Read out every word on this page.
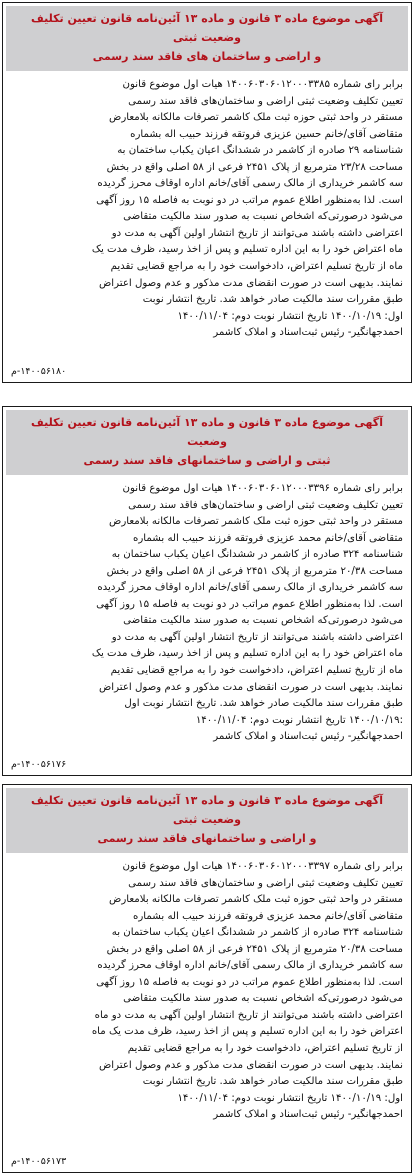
آگهی موضوع ماده ۳ قانون و ماده ۱۳ آئین‌نامه قانون تعیین تکلیف وضعیت ثبتی
و اراضی و ساختمان های فاقد سند رسمی
برابر رای شماره ۱۴۰۰۶۰۳۰۶۰۱۲۰۰۰۳۳۸۵ هیات اول موضوع قانون
تعیین تکلیف وضعیت ثبتی اراضی و ساختمان‌های فاقد سند رسمی
مستقر در واحد ثبتی حوزه ثبت ملک کاشمر تصرفات مالکانه بلامعارض
متقاضی آقای/خانم حسین عزیزی فروتقه فرزند حبیب اله بشماره
شناسنامه ۲۹ صادره از کاشمر در ششدانگ اعیان یکباب ساختمان به
مساحت ۲۳/۲۸ مترمربع از پلاک ۲۴۵۱ فرعی از ۵۸ اصلی واقع در بخش
سه کاشمر خریداری از مالک رسمی آقای/خانم اداره اوقاف محرز گردیده
است. لذا به‌منظور اطلاع عموم مراتب در دو نوبت به فاصله ۱۵ روز آگهی
می‌شود درصورتی‌که اشخاص نسبت به صدور سند مالکیت متقاضی
اعتراضی داشته باشند می‌توانند از تاریخ انتشار اولین آگهی به مدت دو
ماه اعتراض خود را به این اداره تسلیم و پس از اخذ رسید، ظرف مدت یک
ماه از تاریخ تسلیم اعتراض، دادخواست خود را به مراجع قضایی تقدیم
نمایند. بدیهی است در صورت انقضای مدت مذکور و عدم وصول اعتراض
طبق مقررات سند مالکیت صادر خواهد شد. تاریخ انتشار نوبت
اول: ۱۴۰۰/۱۰/۱۹ تاریخ انتشار نوبت دوم: ۱۴۰۰/۱۱/۰۴
احمدجهانگیر- رئیس ثبت‌اسناد و املاک کاشمر
۱۴۰۰۵۶۱۸۰-م
آگهی موضوع ماده ۳ قانون و ماده ۱۳ آئین‌نامه قانون تعیین تکلیف وضعیت
ثبتی و اراضی و ساختمانهای فاقد سند رسمی
برابر رای شماره ۱۴۰۰۶۰۳۰۶۰۱۲۰۰۰۳۳۹۶ هیات اول موضوع قانون
تعیین تکلیف وضعیت ثبتی اراضی و ساختمان‌های فاقد سند رسمی
مستقر در واحد ثبتی حوزه ثبت ملک کاشمر تصرفات مالکانه بلامعارض
متقاضی آقای/خانم محمد عزیزی فروتقه فرزند حبیب اله بشماره
شناسنامه ۳۲۴ صادره از کاشمر در ششدانگ اعیان یکباب ساختمان به
مساحت ۲۰/۳۸ مترمربع از پلاک ۲۴۵۱ فرعی از ۵۸ اصلی واقع در بخش
سه کاشمر خریداری از مالک رسمی آقای/خانم اداره اوقاف محرز گردیده
است. لذا به‌منظور اطلاع عموم مراتب در دو نوبت به فاصله ۱۵ روز آگهی
می‌شود درصورتی‌که اشخاص نسبت به صدور سند مالکیت متقاضی
اعتراضی داشته باشند می‌توانند از تاریخ انتشار اولین آگهی به مدت دو
ماه اعتراض خود را به این اداره تسلیم و پس از اخذ رسید، ظرف مدت یک
ماه از تاریخ تسلیم اعتراض، دادخواست خود را به مراجع قضایی تقدیم
نمایند. بدیهی است در صورت انقضای مدت مذکور و عدم وصول اعتراض
طبق مقررات سند مالکیت صادر خواهد شد. تاریخ انتشار نوبت اول
:۱۴۰۰/۱۰/۱۹ تاریخ انتشار نوبت دوم: ۱۴۰۰/۱۱/۰۴
احمدجهانگیر- رئیس ثبت‌اسناد و املاک کاشمر
۱۴۰۰۵۶۱۷۶-م
آگهی موضوع ماده ۳ قانون و ماده ۱۳ آئین‌نامه قانون تعیین تکلیف وضعیت ثبتی
و اراضی و ساختمانهای فاقد سند رسمی
برابر رای شماره ۱۴۰۰۶۰۳۰۶۰۱۲۰۰۰۳۳۹۷ هیات اول موضوع قانون
تعیین تکلیف وضعیت ثبتی اراضی و ساختمان‌های فاقد سند رسمی
مستقر در واحد ثبتی حوزه ثبت ملک کاشمر تصرفات مالکانه بلامعارض
متقاضی آقای/خانم محمد عزیزی فروتقه فرزند حبیب اله بشماره
شناسنامه ۳۲۴ صادره از کاشمر در ششدانگ اعیان یکباب ساختمان به
مساحت ۲۰/۳۸ مترمربع از پلاک ۲۴۵۱ فرعی از ۵۸ اصلی واقع در بخش
سه کاشمر خریداری از مالک رسمی آقای/خانم اداره اوقاف محرز گردیده
است. لذا به‌منظور اطلاع عموم مراتب در دو نوبت به فاصله ۱۵ روز آگهی
می‌شود درصورتی‌که اشخاص نسبت به صدور سند مالکیت متقاضی
اعتراضی داشته باشند می‌توانند از تاریخ انتشار اولین آگهی به مدت دو ماه
اعتراض خود را به این اداره تسلیم و پس از اخذ رسید، ظرف مدت یک ماه
از تاریخ تسلیم اعتراض، دادخواست خود را به مراجع قضایی تقدیم
نمایند. بدیهی است در صورت انقضای مدت مذکور و عدم وصول اعتراض
طبق مقررات سند مالکیت صادر خواهد شد. تاریخ انتشار نوبت
اول: ۱۴۰۰/۱۰/۱۹ تاریخ انتشار نوبت دوم: ۱۴۰۰/۱۱/۰۴
احمدجهانگیر- رئیس ثبت‌اسناد و املاک کاشمر
۱۴۰۰۵۶۱۷۳-م
